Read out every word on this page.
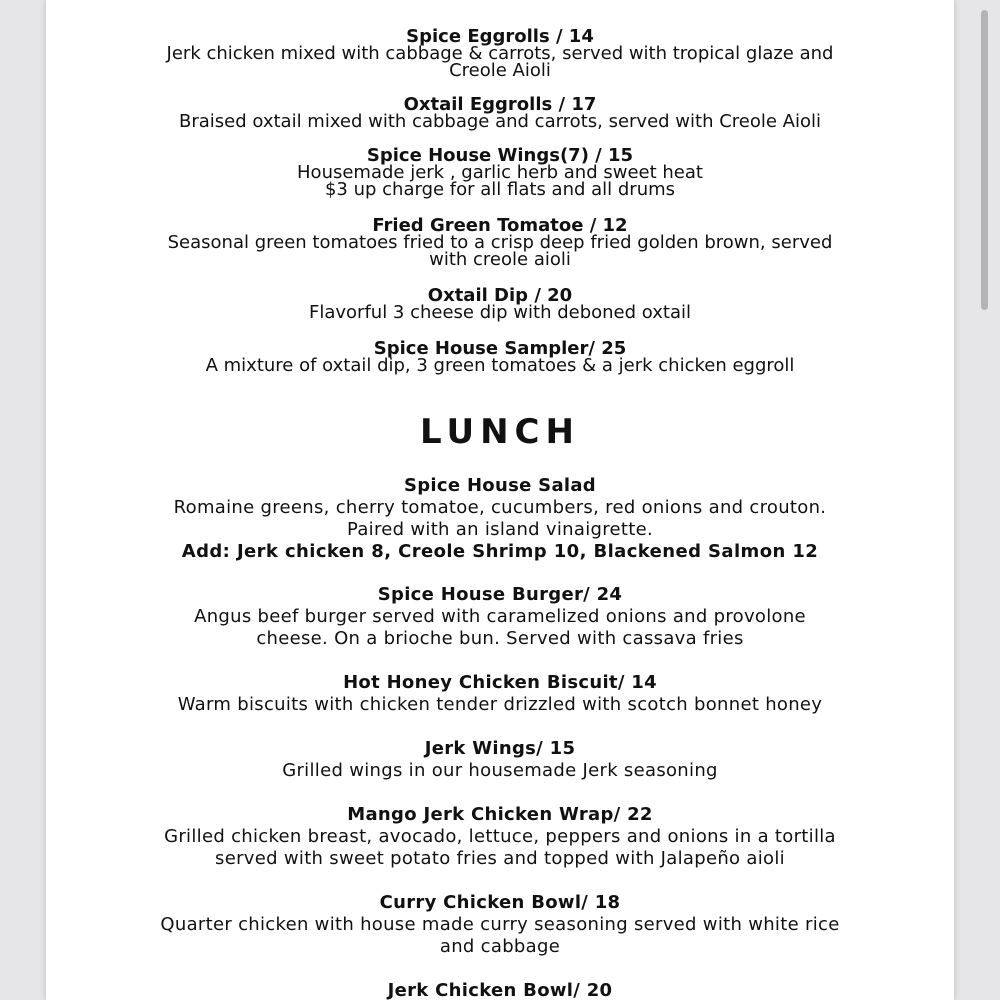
Spice Eggrolls / 14
Jerk chicken mixed with cabbage & carrots, served with tropical glaze and
Creole Aioli
Oxtail Eggrolls / 17
Braised oxtail mixed with cabbage and carrots, served with Creole Aioli
Spice House Wings(7) / 15
Housemade jerk , garlic herb and sweet heat
$3 up charge for all flats and all drums
Fried Green Tomatoe / 12
Seasonal green tomatoes fried to a crisp deep fried golden brown, served
with creole aioli
Oxtail Dip / 20
Flavorful 3 cheese dip with deboned oxtail
Spice House Sampler/ 25
A mixture of oxtail dip, 3 green tomatoes & a jerk chicken eggroll
LUNCH
Spice House Salad
Romaine greens, cherry tomatoe, cucumbers, red onions and crouton.
Paired with an island vinaigrette.
Add: Jerk chicken 8, Creole Shrimp 10, Blackened Salmon 12
Spice House Burger/ 24
Angus beef burger served with caramelized onions and provolone
cheese. On a brioche bun. Served with cassava fries
Hot Honey Chicken Biscuit/ 14
Warm biscuits with chicken tender drizzled with scotch bonnet honey
Jerk Wings/ 15
Grilled wings in our housemade Jerk seasoning
Mango Jerk Chicken Wrap/ 22
Grilled chicken breast, avocado, lettuce, peppers and onions in a tortilla
served with sweet potato fries and topped with Jalapeño aioli
Curry Chicken Bowl/ 18
Quarter chicken with house made curry seasoning served with white rice
and cabbage
Jerk Chicken Bowl/ 20
